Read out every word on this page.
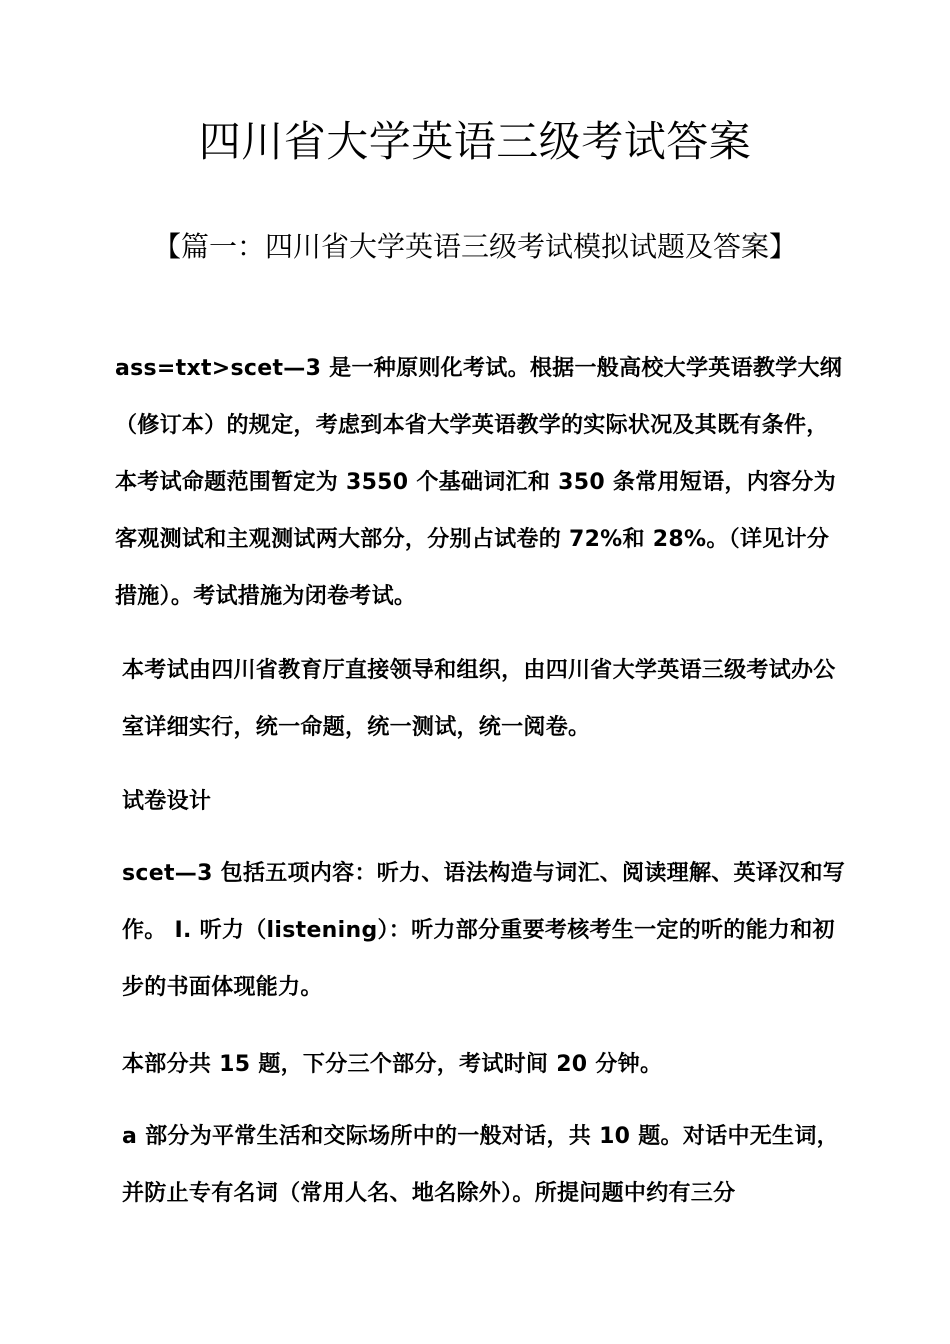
四川省大学英语三级考试答案
【篇一：四川省大学英语三级考试模拟试题及答案】

ass=txt>scet—3 是一种原则化考试。根据一般高校大学英语教学大纲（修订本）的规定，考虑到本省大学英语教学的实际状况及其既有条件，本考试命题范围暂定为 3550 个基础词汇和 350 条常用短语，内容分为客观测试和主观测试两大部分，分别占试卷的 72%和 28%。（详见计分措施）。考试措施为闭卷考试。

本考试由四川省教育厅直接领导和组织，由四川省大学英语三级考试办公室详细实行，统一命题，统一测试，统一阅卷。

试卷设计

scet—3 包括五项内容：听力、语法构造与词汇、阅读理解、英译汉和写作。 Ⅰ. 听力（listening）：听力部分重要考核考生一定的听的能力和初步的书面体现能力。

本部分共 15 题，下分三个部分，考试时间 20 分钟。

a 部分为平常生活和交际场所中的一般对话，共 10 题。对话中无生词，并防止专有名词（常用人名、地名除外）。所提问题中约有三分
